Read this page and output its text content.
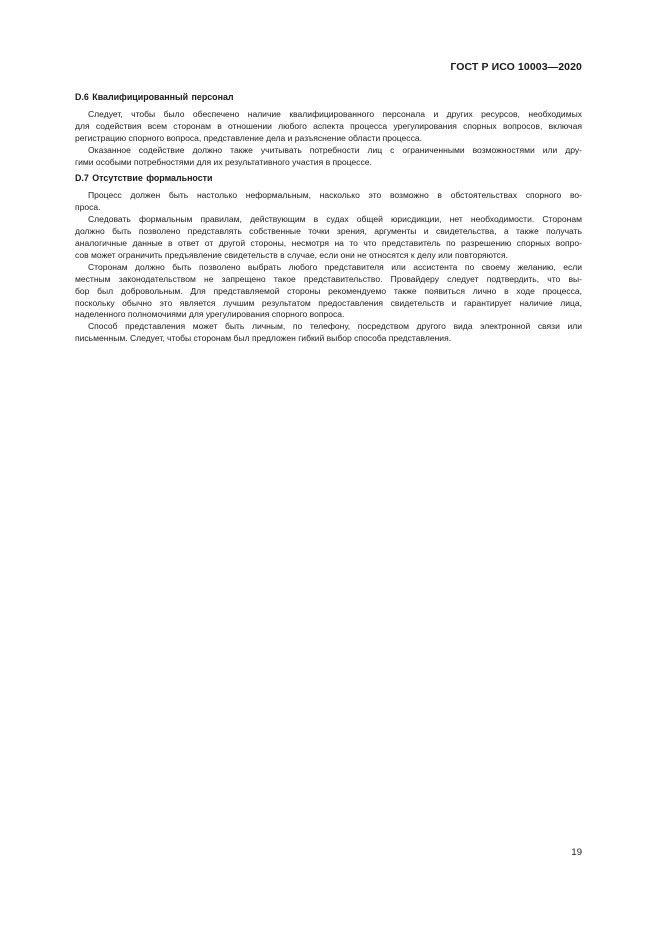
ГОСТ Р ИСО 10003—2020
D.6 Квалифицированный персонал

Следует, чтобы было обеспечено наличие квалифицированного персонала и других ресурсов, необходимых
для содействия всем сторонам в отношении любого аспекта процесса урегулирования спорных вопросов, включая
регистрацию спорного вопроса, представление дела и разъяснение области процесса.

Оказанное содействие должно также учитывать потребности лиц с ограниченными возможностями или дру-
гими особыми потребностями для их результативного участия в процессе.

D.7 Отсутствие формальности

Процесс должен быть настолько неформальным, насколько это возможно в обстоятельствах спорного во-
проса.

Следовать формальным правилам, действующим в судах общей юрисдикции, нет необходимости. Сторонам
должно быть позволено представлять собственные точки зрения, аргументы и свидетельства, а также получать
аналогичные данные в ответ от другой стороны, несмотря на то что представитель по разрешению спорных вопро-
сов может ограничить предъявление свидетельств в случае, если они не относятся к делу или повторяются.

Сторонам должно быть позволено выбрать любого представителя или ассистента по своему желанию, если
местным законодательством не запрещено такое представительство. Провайдеру следует подтвердить, что вы-
бор был добровольным. Для представляемой стороны рекомендуемо также появиться лично в ходе процесса,
поскольку обычно это является лучшим результатом предоставления свидетельств и гарантирует наличие лица,
наделенного полномочиями для урегулирования спорного вопроса.

Способ представления может быть личным, по телефону, посредством другого вида электронной связи или
письменным. Следует, чтобы сторонам был предложен гибкий выбор способа представления.

19
